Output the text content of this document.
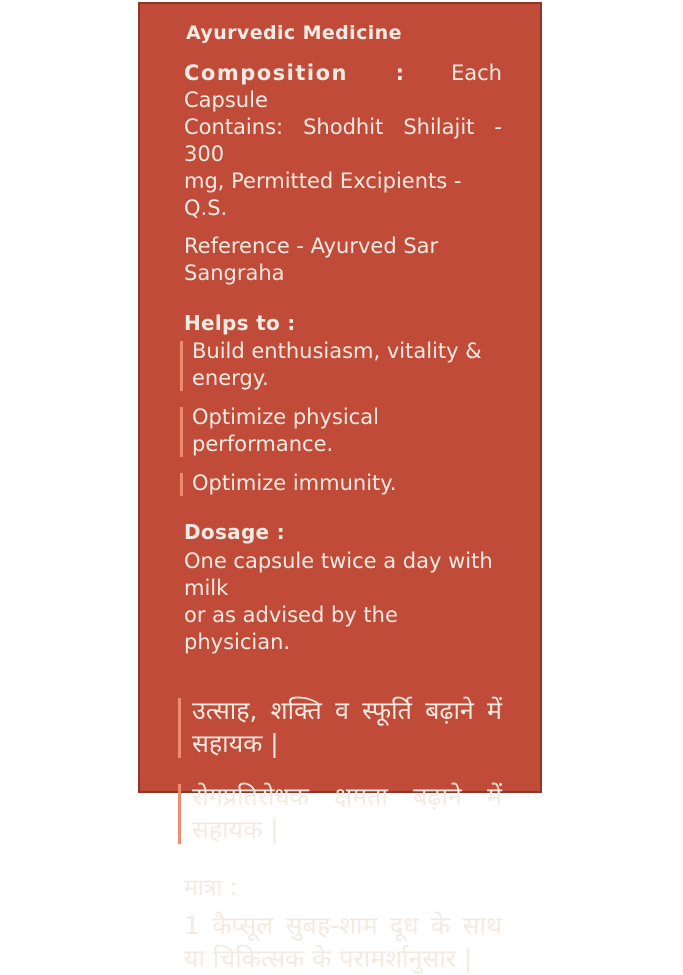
Ayurvedic Medicine
Composition : Each Capsule
Contains: Shodhit Shilajit - 300
mg, Permitted Excipients - Q.S.
Reference - Ayurved Sar Sangraha
Helps to :
Build enthusiasm, vitality &
energy.
Optimize physical performance.
Optimize immunity.
Dosage :
One capsule twice a day with milk
or as advised by the physician.
उत्साह, शक्ति व स्फूर्ति बढ़ाने में
सहायक |
रोगप्रतिरोधक क्षमता बढ़ाने में
सहायक |
मात्रा :
1 कैप्सूल सुबह-शाम दूध के साथ
या चिकित्सक के परामर्शानुसार |
